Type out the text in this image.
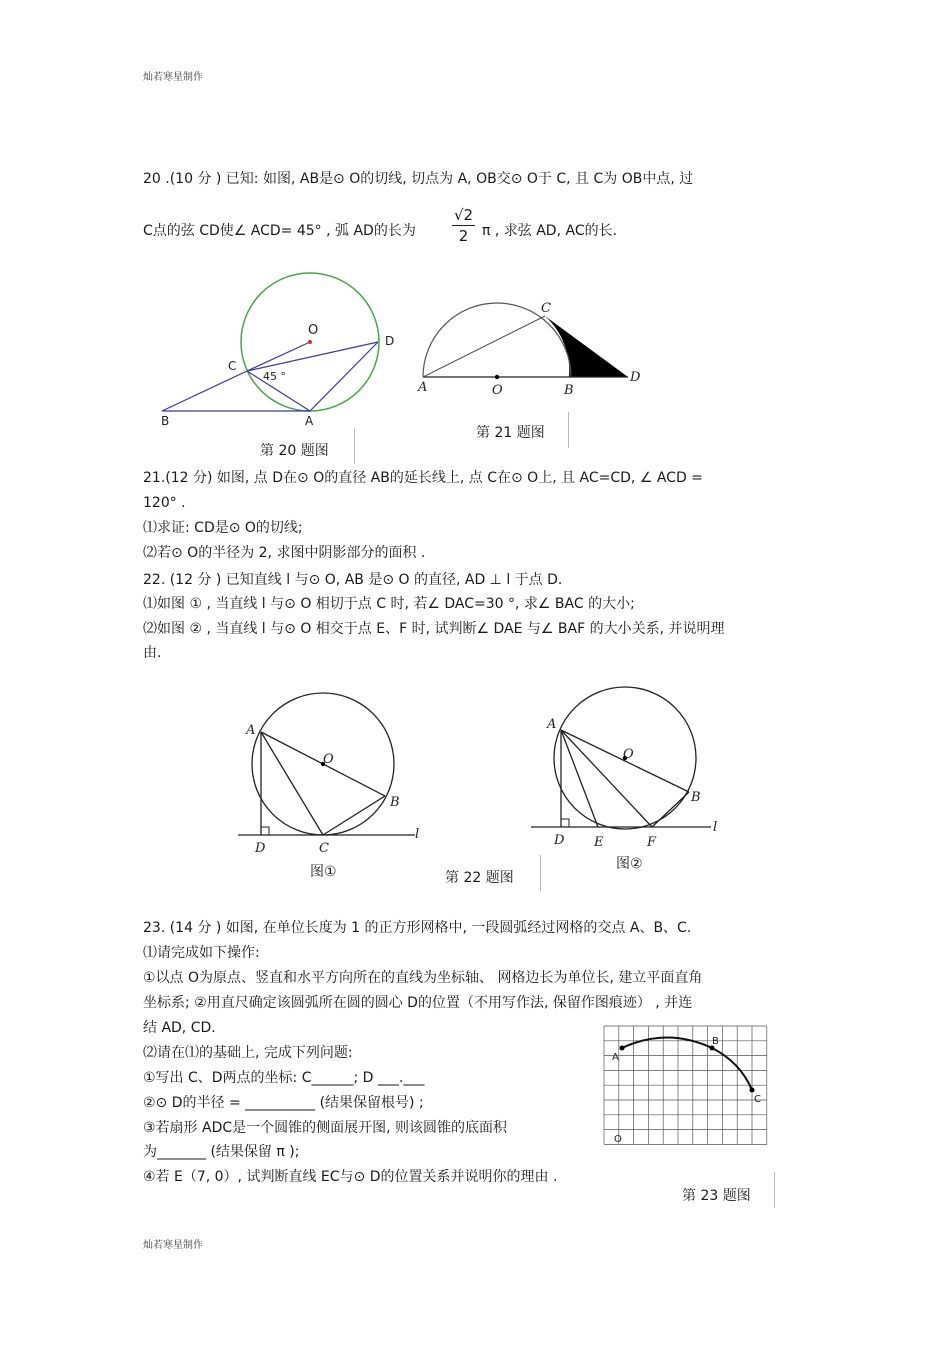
灿若寒星制作
灿若寒星制作
20 .(10 分 ) 已知: 如图, AB是⊙ O的切线, 切点为 A, OB交⊙ O于 C, 且 C为 OB中点, 过
C点的弦 CD使∠ ACD= 45° , 弧 AD的长为 $\frac{√2}{2}$ π , 求弦 AD, AC的长.
O
D
C
45 °
B	A
第 20 题图
A	O	B
C
D
第 21 题图
21.(12 分) 如图, 点 D在⊙ O的直径 AB的延长线上, 点 C在⊙ O上, 且 AC=CD, ∠ ACD =
120° .
⑴求证: CD是⊙ O的切线;
⑵若⊙ O的半径为 2, 求图中阴影部分的面积 .
22. (12 分 ) 已知直线 l 与⊙ O, AB 是⊙ O 的直径, AD ⊥ l 于点 D.
⑴如图 ① , 当直线 l 与⊙ O 相切于点 C 时, 若∠ DAC=30 °, 求∠ BAC 的大小;
⑵如图 ② , 当直线 l 与⊙ O 相交于点 E、F 时, 试判断∠ DAE 与∠ BAF 的大小关系, 并说明理
由.
A
O
B
D	C
l
图①
A
O
B
D E	F
l
图②
第 22 题图
23. (14 分 ) 如图, 在单位长度为 1 的正方形网格中, 一段圆弧经过网格的交点 A、B、C.
⑴请完成如下操作:
①以点 O为原点、竖直和水平方向所在的直线为坐标轴、 网格边长为单位长, 建立平面直角
坐标系; ②用直尺确定该圆弧所在圆的圆心 D的位置（不用写作法, 保留作图痕迹） , 并连
结 AD, CD.
⑵请在⑴的基础上, 完成下列问题:
①写出 C、D两点的坐标: C______; D ___.___
②⊙ D的半径 = __________ (结果保留根号) ;
③若扇形 ADC是一个圆锥的侧面展开图, 则该圆锥的底面积
为_______ (结果保留 π );
④若 E（7, 0）, 试判断直线 EC与⊙ D的位置关系并说明你的理由 .
A
B
C
O
第 23 题图
